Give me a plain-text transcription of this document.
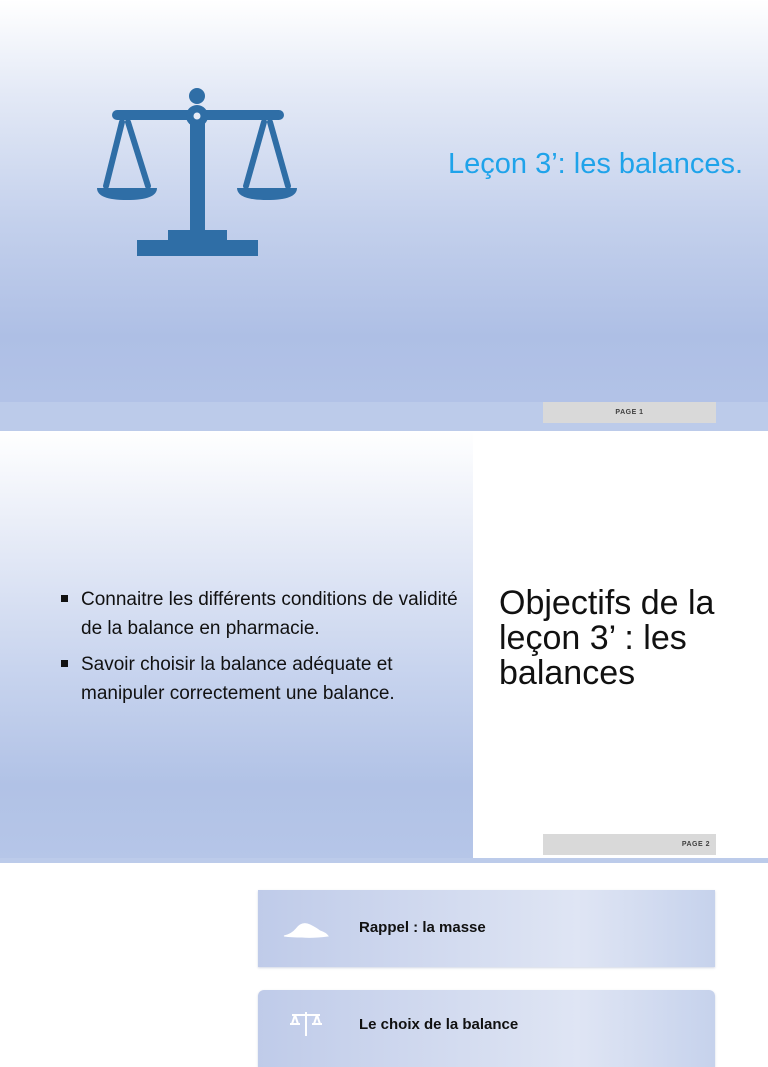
Leçon 3’: les balances.
PAGE 1
Connaitre les différents conditions de validité de la balance en pharmacie.
Savoir choisir la balance adéquate et manipuler correctement une balance.
Objectifs de la leçon 3’ : les balances
PAGE 2
Rappel : la masse
Le choix de la balance
